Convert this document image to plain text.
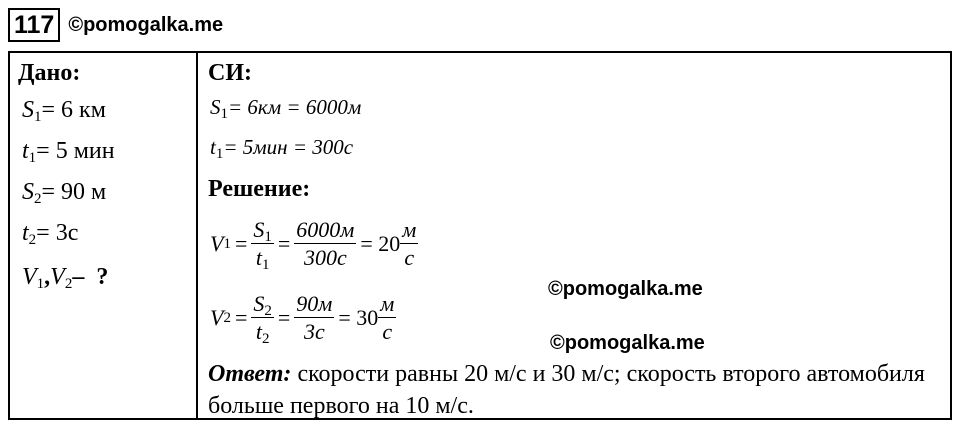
117 ©pomogalka.me
Дано:
$S_1= 6$ км
$t_1= 5$ мин
$S_2= 90$ м
$t_2= 3с$
$V_1,V_2-$ ?
СИ:
$S_1= 6км = 6000м$
$t_1= 5мин = 300с$
Решение:
V $1 = \frac{S_1}{t_1} = \frac{6000м}{300с} = 20 \frac{м}{с}$
V $2 = \frac{S_2}{t_2} = \frac{90м}{3с} = 30 \frac{м}{с}$
Ответ: скорости равны 20 м/с и 30 м/с; скорость второго автомобиля больше первого на 10 м/с.
©pomogalka.me
©pomogalka.me
